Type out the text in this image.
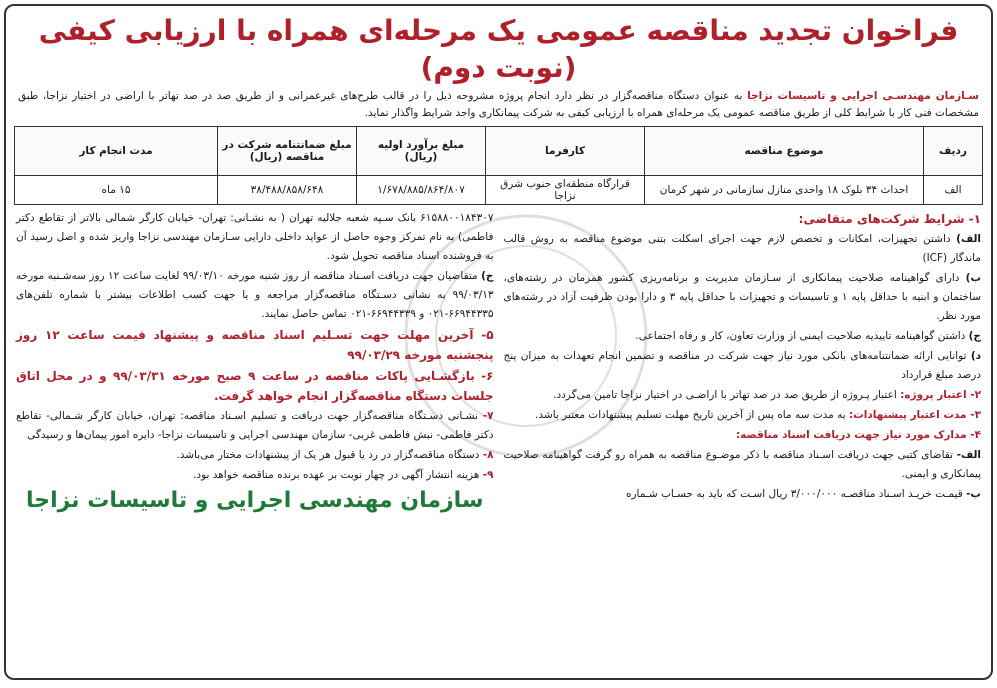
فراخوان تجدید مناقصه عمومی یک مرحله‌ای همراه با ارزیابی کیفی
(نوبت دوم)
سـازمان مهندسـی اجرایی و تاسیسات نزاجا به عنوان دستگاه مناقصه‌گزار در نظر دارد انجام پروژه مشروحه ذیل را در قالب طرح‌های غیرعمرانی و از طریق صد در صد تهاتر با اراضی در اختیار نزاجا، طبق مشخصات فنی کار با شرایط کلی از طریق مناقصه عمومی یک مرحله‌ای همراه با ارزیابی کیفی به شرکت پیمانکاری واجد شرایط واگذار نماید.
ردیف	موضوع مناقصه	کارفرما	مبلغ برآورد اولیه (ریال)	مبلغ ضمانتنامه شرکت در مناقصه (ریال)	مدت انجام کار
الف	احداث ۳۴ بلوک ۱۸ واحدی منازل سازمانی در شهر کرمان	قرارگاه منطقه‌ای جنوب شرق نزاجا	۱/۶۷۸/۸۸۵/۸۶۴/۸۰۷	۳۸/۴۸۸/۸۵۸/۶۴۸	۱۵ ماه

۱- شرایط شرکت‌های متقاضی:

الف) داشتن تجهیزات، امکانات و تخصص لازم جهت اجرای اسکلت بتنی موضوع مناقصه به روش قالب ماندگار (ICF)

ب) دارای گواهینامه صلاحیت پیمانکاری از سـازمان مدیریت و برنامه‌ریزی کشور همزمان در رشته‌های، ساختمان و ابنیه با حداقل پایه ۱ و تاسیسات و تجهیزات با حداقل پایه ۳ و دارا بودن ظرفیت آزاد در رشته‌های مورد نظر.

ج) داشتن گواهینامه تاییدیه صلاحیت ایمنی از وزارت تعاون، کار و رفاه اجتماعی.

د) توانایی ارائه ضمانتنامه‌های بانکی مورد نیاز جهت شرکت در مناقصه و تضمین انجام تعهدات به میزان پنج درصد مبلغ قرارداد

۲- اعتبار پروژه: اعتبار پـروژه از طریق صد در صد تهاتر با اراضـی در اختیار نزاجا تامین می‌گردد.

۳- مدت اعتبار پیشنهادات: به مدت سه ماه پس از آخرین تاریخ مهلت تسلیم پیشنهادات معتبر باشد.

۴- مدارک مورد نیاز جهت دریافت اسناد مناقصه:

الف- تقاضای کتبی جهت دریافت اسـناد مناقصه با ذکر موضـوع مناقصه به همراه رو گرفت گواهینامه صلاحیت پیمانکاری و ایمنی.

ب- قیمـت خریـد اسـناد مناقصـه ۳/۰۰۰/۰۰۰ ریال اسـت که باید به حسـاب شـماره

۶۱۵۸۸۰۰۱۸۴۳۰۷ بانک سـپه شعبه جلالیه تهران ( به نشـانی: تهران- خیابان کارگر شمالی بالاتر از تقاطع دکتر فاطمی) به نام تمرکز وجوه حاصل از عواید داخلی دارایی سـازمان مهندسی نزاجا واریز شده و اصل رسید آن به فروشنده اسناد مناقصه تحویل شود.

ج) متقاضیان جهت دریافت اسـناد مناقصه از روز شنبه مورخه ۹۹/۰۳/۱۰ لغایت ساعت ۱۲ روز سه‌شـنبه مورخه ۹۹/۰۳/۱۳ به نشانی دسـتگاه مناقصه‌گزار مراجعه و یا جهت کسب اطلاعات بیشتر با شماره تلفن‌های ۶۶۹۴۴۳۳۵-۰۲۱ و ۶۶۹۴۴۳۳۹-۰۲۱ تماس حاصل نمایند.

۵- آخرین مهلت جهت تسـلیم اسناد مناقصه و پیشنهاد قیمت ساعت ۱۲ روز پنجشنبه مورخه ۹۹/۰۳/۲۹

۶- بازگشـایی پاکات مناقصه در ساعت ۹ صبح مورخه ۹۹/۰۳/۳۱ و در محل اتاق جلسات دستگاه مناقصه‌گزار انجام خواهد گرفت.

۷- نشـانی دسـتگاه مناقصه‌گزار جهت دریافت و تسلیم اسـناد مناقصه: تهران، خیابان کارگر شـمالی- تقاطع دکتر فاطمی- نبش فاطمی غربی- سازمان مهندسی اجرایی و تاسیسات نزاجا- دایره امور پیمان‌ها و رسیدگی

۸- دستگاه مناقصه‌گزار در رد یا قبول هر یک از پیشنهادات مختار می‌باشد.

۹- هزینه انتشار آگهی در چهار نوبت بر عهده برنده مناقصه خواهد بود.

سازمان مهندسی اجرایی و تاسیسات نزاجا
